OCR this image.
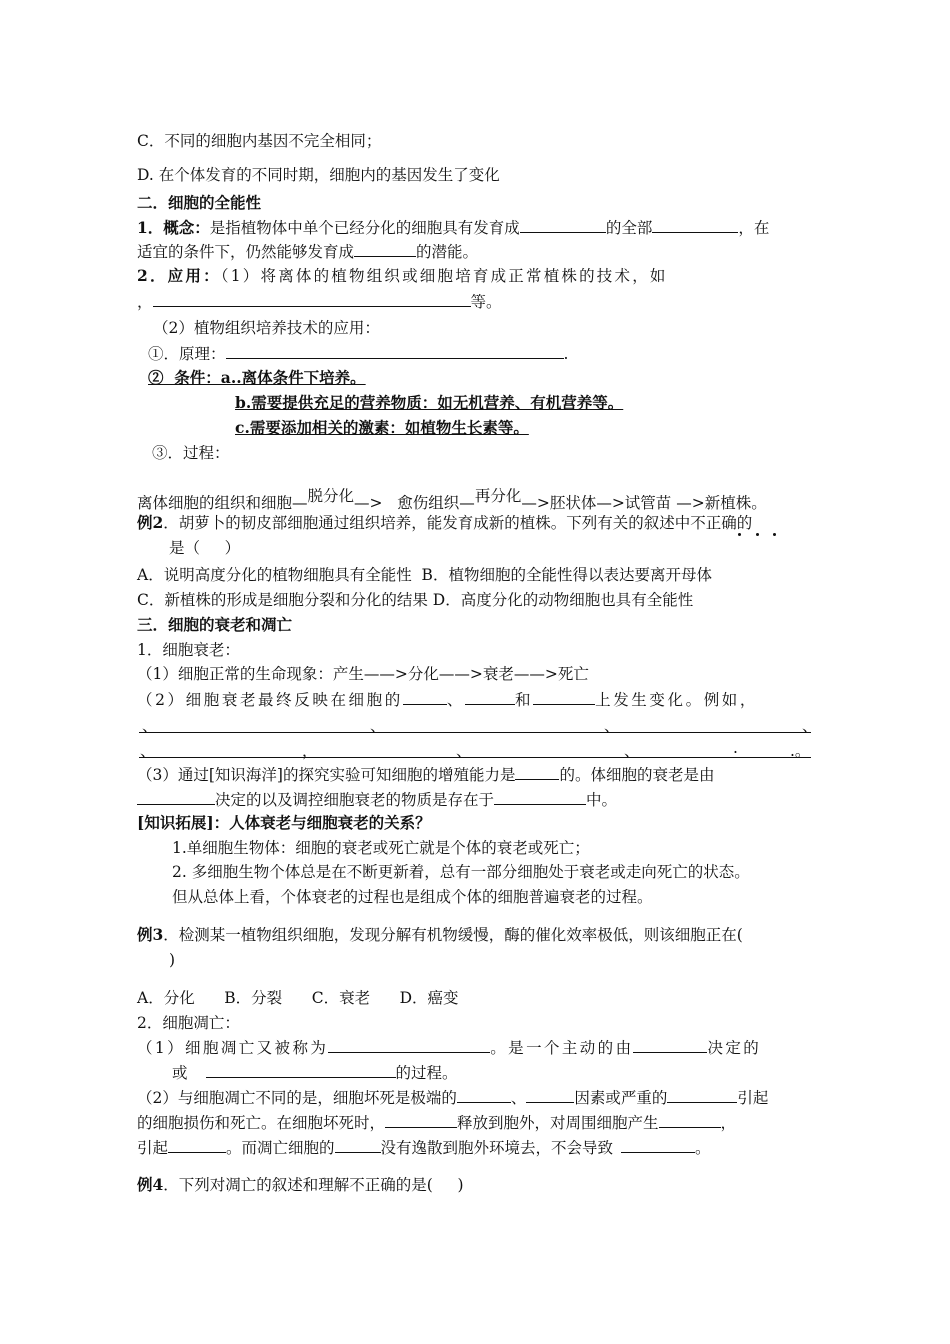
C．不同的细胞内基因不完全相同；
D. 在个体发育的不同时期，细胞内的基因发生了变化
二．细胞的全能性
1．概念：是指植物体中单个已经分化的细胞具有发育成	的全部	，在
适宜的条件下，仍然能够发育成	的潜能。
2．应用：（1）将离体的植物组织或细胞培育成正常植株的技术，如
，	等。
（2）植物组织培养技术的应用：
①．原理：	.
②  条件：a..离体条件下培养。
b.需要提供充足的营养物质：如无机营养、有机营养等。
c.需要添加相关的激素：如植物生长素等。
③．过程：
离体细胞的组织和细胞—脱分化—>   愈伤组织—再分化—>胚状体—>试管苗 —>新植株。
例2．胡萝卜的韧皮部细胞通过组织培养，能发育成新的植株。下列有关的叙述中不正确的
是（     ）
A．说明高度分化的植物细胞具有全能性  B．植物细胞的全能性得以表达要离开母体
C．新植株的形成是细胞分裂和分化的结果 D．高度分化的动物细胞也具有全能性
三．细胞的衰老和凋亡
1．细胞衰老：
（1）细胞正常的生命现象：产生——>分化——>衰老——>死亡
（2）细胞衰老最终反映在细胞的	、	和	上发生变化。例如，
、	、	、	、
、	，	、	、	.	.。
（3）通过[知识海洋]的探究实验可知细胞的增殖能力是	的。体细胞的衰老是由
决定的以及调控细胞衰老的物质是存在于	中。
[知识拓展]：人体衰老与细胞衰老的关系？
1.单细胞生物体：细胞的衰老或死亡就是个体的衰老或死亡；
2. 多细胞生物个体总是在不断更新着，总有一部分细胞处于衰老或走向死亡的状态。
但从总体上看，个体衰老的过程也是组成个体的细胞普遍衰老的过程。
例3．检测某一植物组织细胞，发现分解有机物缓慢，酶的催化效率极低，则该细胞正在(
)
A．分化      B．分裂      C．衰老      D．癌变
2．细胞凋亡：
（1）细胞凋亡又被称为	。是一个主动的由	决定的
或	的过程。
（2）与细胞凋亡不同的是，细胞坏死是极端的	、	因素或严重的	引起
的细胞损伤和死亡。在细胞坏死时，	释放到胞外，对周围细胞产生	，
引起	。而凋亡细胞的	没有逸散到胞外环境去，不会导致	。
例4．下列对凋亡的叙述和理解不正确的是(     )
